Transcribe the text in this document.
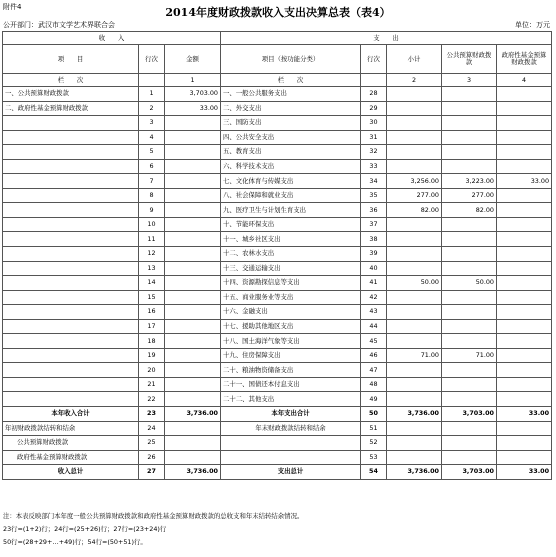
附件4	2014年度财政拨款收入支出决算总表（表4）
公开部门：武汉市文学艺术界联合会	单位：万元
收　　入			支　　出				
项　　目	行次	金额	项目（按功能分类）	行次	小计	公共预算财政拨款	政府性基金预算财政拨款
栏　　次		1	栏　　次		2	3	4
一、公共预算财政拨款	1	3,703.00	一、一般公共服务支出	28			
二、政府性基金预算财政拨款	2	33.00	二、外交支出	29			
	3		三、国防支出	30			
	4		四、公共安全支出	31			
	5		五、教育支出	32			
	6		六、科学技术支出	33			
	7		七、文化体育与传媒支出	34	3,256.00	3,223.00	33.00
	8		八、社会保障和就业支出	35	277.00	277.00	
	9		九、医疗卫生与计划生育支出	36	82.00	82.00	
	10		十、节能环保支出	37			
	11		十一、城乡社区支出	38			
	12		十二、农林水支出	39			
	13		十三、交通运输支出	40			
	14		十四、资源勘探信息等支出	41	50.00	50.00	
	15		十五、商业服务业等支出	42			
	16		十六、金融支出	43			
	17		十七、援助其他地区支出	44			
	18		十八、国土海洋气象等支出	45			
	19		十九、住房保障支出	46	71.00	71.00	
	20		二十、粮油物资储备支出	47			
	21		二十一、国债还本付息支出	48			
	22		二十二、其他支出	49			
本年收入合计	23	3,736.00	本年支出合计	50	3,736.00	3,703.00	33.00
年初财政拨款结转和结余	24		年末财政拨款结转和结余	51			
公共预算财政拨款	25			52			
政府性基金预算财政拨款	26			53			
收入总计	27	3,736.00	支出总计	54	3,736.00	3,703.00	33.00
注：本表反映部门本年度一般公共预算财政拨款和政府性基金预算财政拨款的总收支和年末结转结余情况。
23行=(1+2)行；24行=(25+26)行；27行=(23+24)行
50行=(28+29+…+49)行；54行=(50+51)行。
